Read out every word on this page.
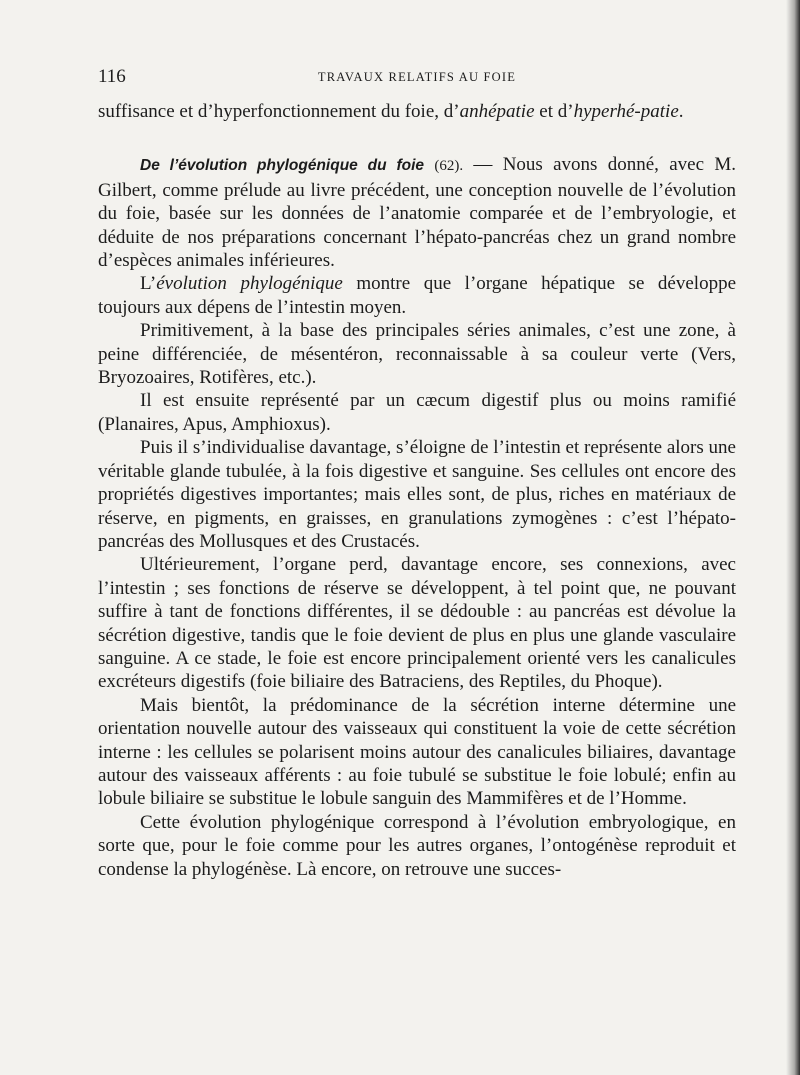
116	TRAVAUX RELATIFS AU FOIE

suffisance et d’hyperfonctionnement du foie, d’anhépatie et d’hyperhé-patie.

De l’évolution phylogénique du foie (62). — Nous avons donné, avec M. Gilbert, comme prélude au livre précédent, une conception nouvelle de l’évolution du foie, basée sur les données de l’anatomie comparée et de l’embryologie, et déduite de nos préparations concernant l’hépato-pancréas chez un grand nombre d’espèces animales inférieures.

L’évolution phylogénique montre que l’organe hépatique se développe toujours aux dépens de l’intestin moyen.

Primitivement, à la base des principales séries animales, c’est une zone, à peine différenciée, de mésentéron, reconnaissable à sa couleur verte (Vers, Bryozoaires, Rotifères, etc.).

Il est ensuite représenté par un cæcum digestif plus ou moins ramifié (Planaires, Apus, Amphioxus).

Puis il s’individualise davantage, s’éloigne de l’intestin et représente alors une véritable glande tubulée, à la fois digestive et sanguine. Ses cellules ont encore des propriétés digestives importantes; mais elles sont, de plus, riches en matériaux de réserve, en pigments, en graisses, en granulations zymogènes : c’est l’hépato-pancréas des Mollusques et des Crustacés.

Ultérieurement, l’organe perd, davantage encore, ses connexions, avec l’intestin ; ses fonctions de réserve se développent, à tel point que, ne pouvant suffire à tant de fonctions différentes, il se dédouble : au pancréas est dévolue la sécrétion digestive, tandis que le foie devient de plus en plus une glande vasculaire sanguine. A ce stade, le foie est encore principalement orienté vers les canalicules excréteurs digestifs (foie biliaire des Batraciens, des Reptiles, du Phoque).

Mais bientôt, la prédominance de la sécrétion interne détermine une orientation nouvelle autour des vaisseaux qui constituent la voie de cette sécrétion interne : les cellules se polarisent moins autour des canalicules biliaires, davantage autour des vaisseaux afférents : au foie tubulé se substitue le foie lobulé; enfin au lobule biliaire se substitue le lobule sanguin des Mammifères et de l’Homme.

Cette évolution phylogénique correspond à l’évolution embryologique, en sorte que, pour le foie comme pour les autres organes, l’ontogénèse reproduit et condense la phylogénèse. Là encore, on retrouve une succes-
